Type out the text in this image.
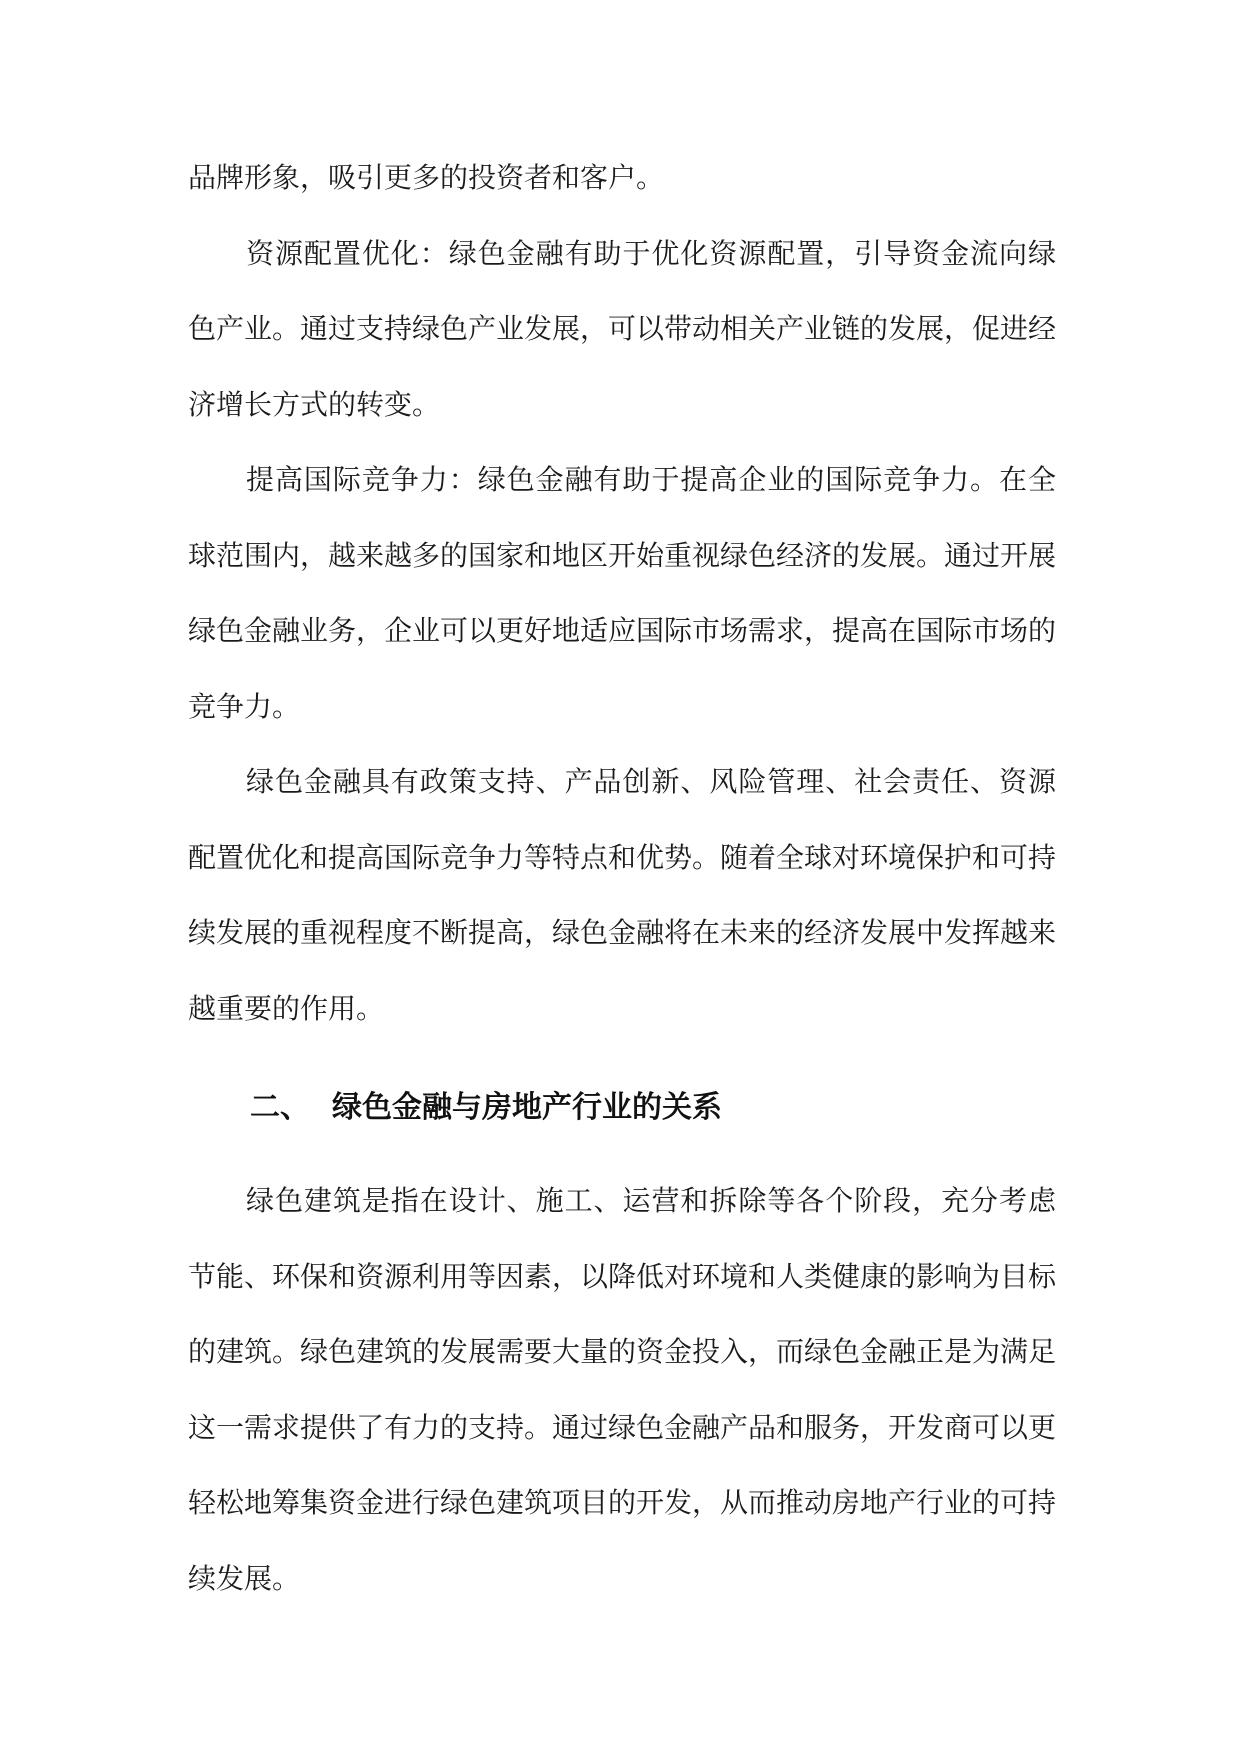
品牌形象，吸引更多的投资者和客户。

资源配置优化：绿色金融有助于优化资源配置，引导资金流向绿色产业。通过支持绿色产业发展，可以带动相关产业链的发展，促进经济增长方式的转变。

提高国际竞争力：绿色金融有助于提高企业的国际竞争力。在全球范围内，越来越多的国家和地区开始重视绿色经济的发展。通过开展绿色金融业务，企业可以更好地适应国际市场需求，提高在国际市场的竞争力。

绿色金融具有政策支持、产品创新、风险管理、社会责任、资源配置优化和提高国际竞争力等特点和优势。随着全球对环境保护和可持续发展的重视程度不断提高，绿色金融将在未来的经济发展中发挥越来越重要的作用。

二、 绿色金融与房地产行业的关系

绿色建筑是指在设计、施工、运营和拆除等各个阶段，充分考虑节能、环保和资源利用等因素，以降低对环境和人类健康的影响为目标的建筑。绿色建筑的发展需要大量的资金投入，而绿色金融正是为满足这一需求提供了有力的支持。通过绿色金融产品和服务，开发商可以更轻松地筹集资金进行绿色建筑项目的开发，从而推动房地产行业的可持续发展。
